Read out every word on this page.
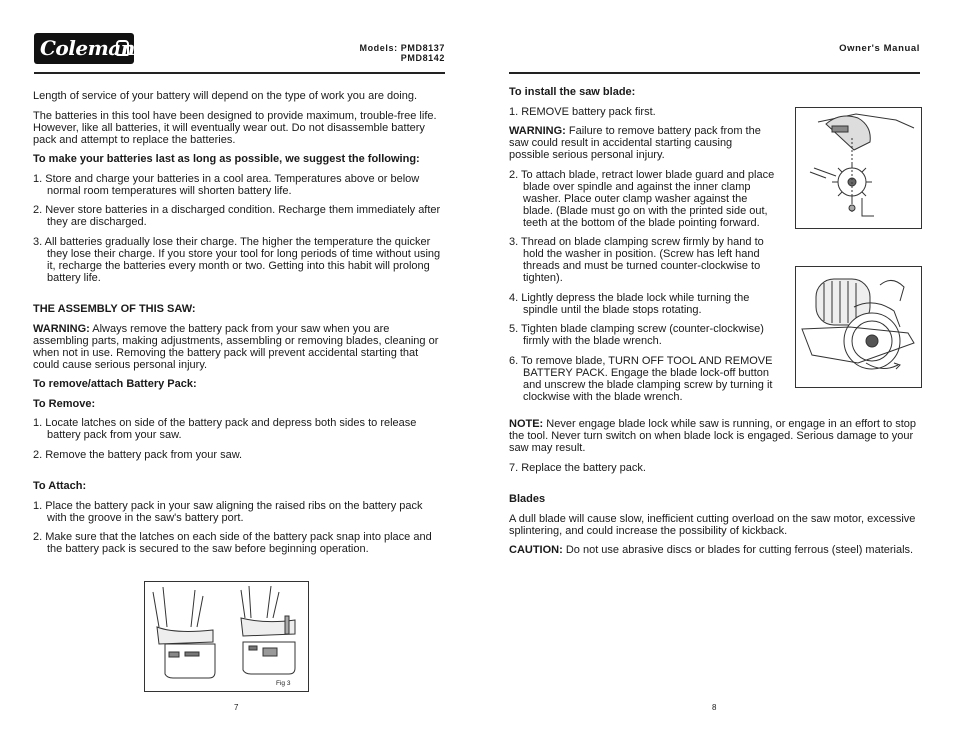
Coleman	Models: PMD8137
PMD8142
Owner's Manual

Length of service of your battery will depend on the type of work you are doing.

The batteries in this tool have been designed to provide maximum, trouble-free life. However, like all batteries, it will eventually wear out. Do not disassemble battery pack and attempt to replace the batteries.

To make your batteries last as long as possible, we suggest the following:

1. Store and charge your batteries in a cool area. Temperatures above or below normal room temperatures will shorten battery life.

2. Never store batteries in a discharged condition. Recharge them immediately after they are discharged.

3. All batteries gradually lose their charge. The higher the temperature the quicker they lose their charge. If you store your tool for long periods of time without using it, recharge the batteries every month or two. Getting into this habit will prolong battery life.

THE ASSEMBLY OF THIS SAW:

WARNING: Always remove the battery pack from your saw when you are assembling parts, making adjustments, assembling or removing blades, cleaning or when not in use. Removing the battery pack will prevent accidental starting that could cause serious personal injury.

To remove/attach Battery Pack:

To Remove:

1. Locate latches on side of the battery pack and depress both sides to release battery pack from your saw.

2. Remove the battery pack from your saw.

To Attach:

1. Place the battery pack in your saw aligning the raised ribs on the battery pack with the groove in the saw's battery port.

2. Make sure that the latches on each side of the battery pack snap into place and the battery pack is secured to the saw before beginning operation.

Fig 3
7

To install the saw blade:

1. REMOVE battery pack first.

WARNING: Failure to remove battery pack from the saw could result in accidental starting causing possible serious personal injury.

2. To attach blade, retract lower blade guard and place blade over spindle and against the inner clamp washer. Place outer clamp washer against the blade. (Blade must go on with the printed side out, teeth at the bottom of the blade pointing forward.

3. Thread on blade clamping screw firmly by hand to hold the washer in position. (Screw has left hand threads and must be turned counter-clockwise to tighten).

4. Lightly depress the blade lock while turning the spindle until the blade stops rotating.

5. Tighten blade clamping screw (counter-clockwise) firmly with the blade wrench.

6. To remove blade, TURN OFF TOOL AND REMOVE BATTERY PACK. Engage the blade lock-off button and unscrew the blade clamping screw by turning it clockwise with the blade wrench.

NOTE: Never engage blade lock while saw is running, or engage in an effort to stop the tool. Never turn switch on when blade lock is engaged. Serious damage to your saw may result.

7. Replace the battery pack.

Blades

A dull blade will cause slow, inefficient cutting overload on the saw motor, excessive splintering, and could increase the possibility of kickback.

CAUTION: Do not use abrasive discs or blades for cutting ferrous (steel) materials.

8
